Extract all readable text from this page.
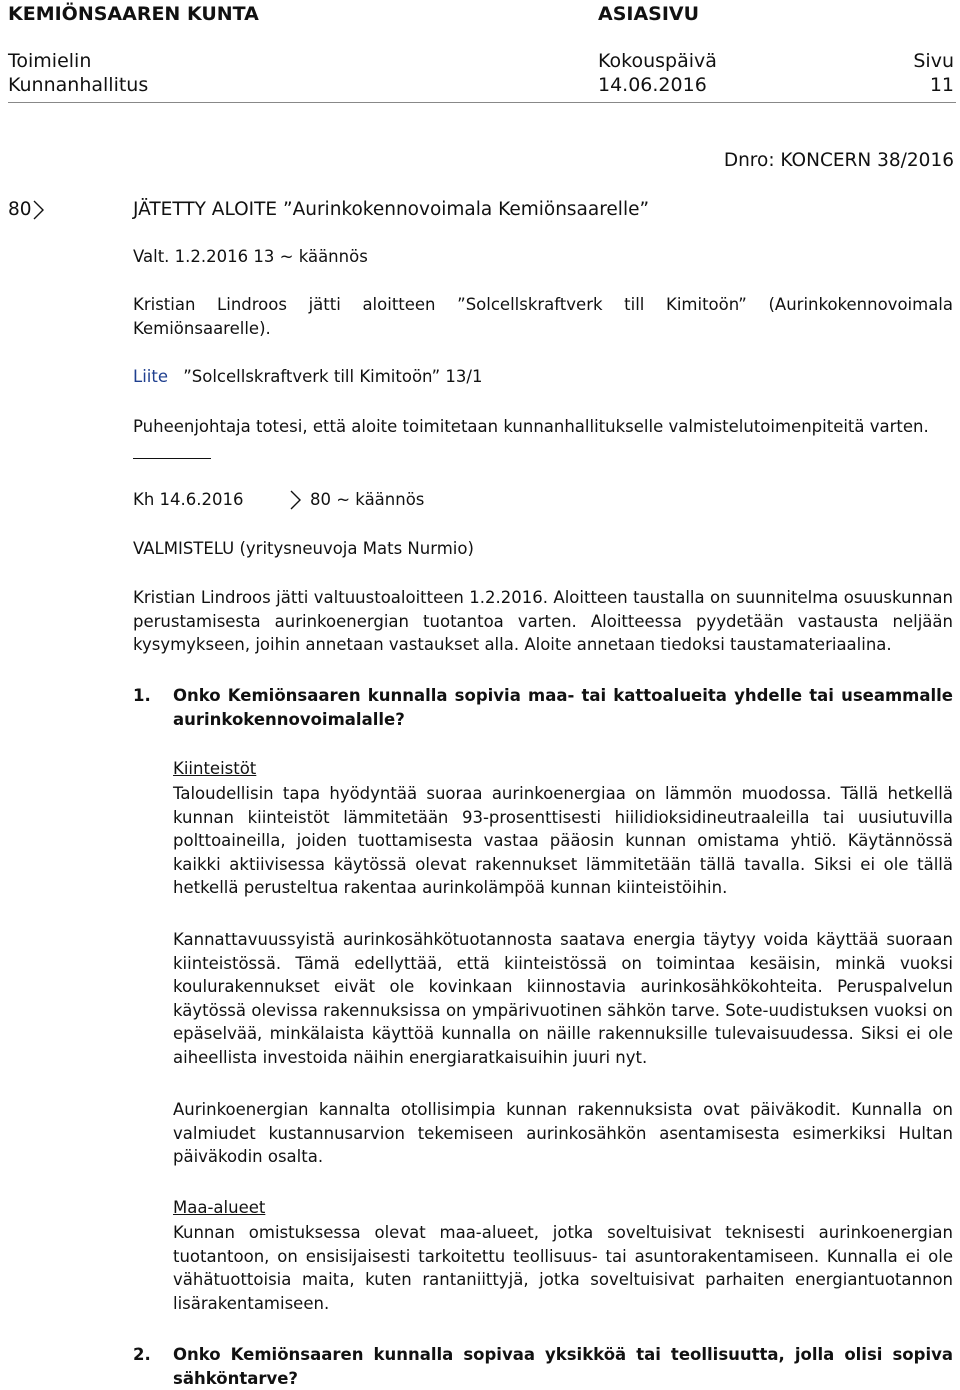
KEMIÖNSAAREN KUNTA	ASIASIVU
Toimielin
Kunnanhallitus
Kokouspäivä
14.06.2016
Sivu
11
Dnro: KONCERN 38/2016
80	JÄTETTY ALOITE ”Aurinkokennovoimala Kemiönsaarelle”
Valt. 1.2.2016 13 ~ käännös
Kristian Lindroos jätti aloitteen ”Solcellskraftverk till Kimitoön” (Aurinkokennovoimala Kemiönsaarelle).
Liite ”Solcellskraftverk till Kimitoön” 13/1
Puheenjohtaja totesi, että aloite toimitetaan kunnanhallitukselle valmistelutoimenpiteitä varten.
Kh 14.6.2016	80 ~ käännös
VALMISTELU (yritysneuvoja Mats Nurmio)
Kristian Lindroos jätti valtuustoaloitteen 1.2.2016. Aloitteen taustalla on suunnitelma osuuskunnan perustamisesta aurinkoenergian tuotantoa varten. Aloitteessa pyydetään vastausta neljään kysymykseen, joihin annetaan vastaukset alla. Aloite annetaan tiedoksi taustamateriaalina.
1. Onko Kemiönsaaren kunnalla sopivia maa- tai kattoalueita yhdelle tai useammalle aurinkokennovoimalalle?
Kiinteistöt
Taloudellisin tapa hyödyntää suoraa aurinkoenergiaa on lämmön muodossa. Tällä hetkellä kunnan kiinteistöt lämmitetään 93-prosenttisesti hiilidioksidineutraaleilla tai uusiutuvilla polttoaineilla, joiden tuottamisesta vastaa pääosin kunnan omistama yhtiö. Käytännössä kaikki aktiivisessa käytössä olevat rakennukset lämmitetään tällä tavalla. Siksi ei ole tällä hetkellä perusteltua rakentaa aurinkolämpöä kunnan kiinteistöihin.
Kannattavuussyistä aurinkosähkötuotannosta saatava energia täytyy voida käyttää suoraan kiinteistössä. Tämä edellyttää, että kiinteistössä on toimintaa kesäisin, minkä vuoksi koulurakennukset eivät ole kovinkaan kiinnostavia aurinkosähkökohteita. Peruspalvelun käytössä olevissa rakennuksissa on ympärivuotinen sähkön tarve. Sote-uudistuksen vuoksi on epäselvää, minkälaista käyttöä kunnalla on näille rakennuksille tulevaisuudessa. Siksi ei ole aiheellista investoida näihin energiaratkaisuihin juuri nyt.
Aurinkoenergian kannalta otollisimpia kunnan rakennuksista ovat päiväkodit. Kunnalla on valmiudet kustannusarvion tekemiseen aurinkosähkön asentamisesta esimerkiksi Hultan päiväkodin osalta.
Maa-alueet
Kunnan omistuksessa olevat maa-alueet, jotka soveltuisivat teknisesti aurinkoenergian tuotantoon, on ensisijaisesti tarkoitettu teollisuus- tai asuntorakentamiseen. Kunnalla ei ole vähätuottoisia maita, kuten rantaniittyjä, jotka soveltuisivat parhaiten energiantuotannon lisärakentamiseen.
2. Onko Kemiönsaaren kunnalla sopivaa yksikköä tai teollisuutta, jolla olisi sopiva sähköntarve?
